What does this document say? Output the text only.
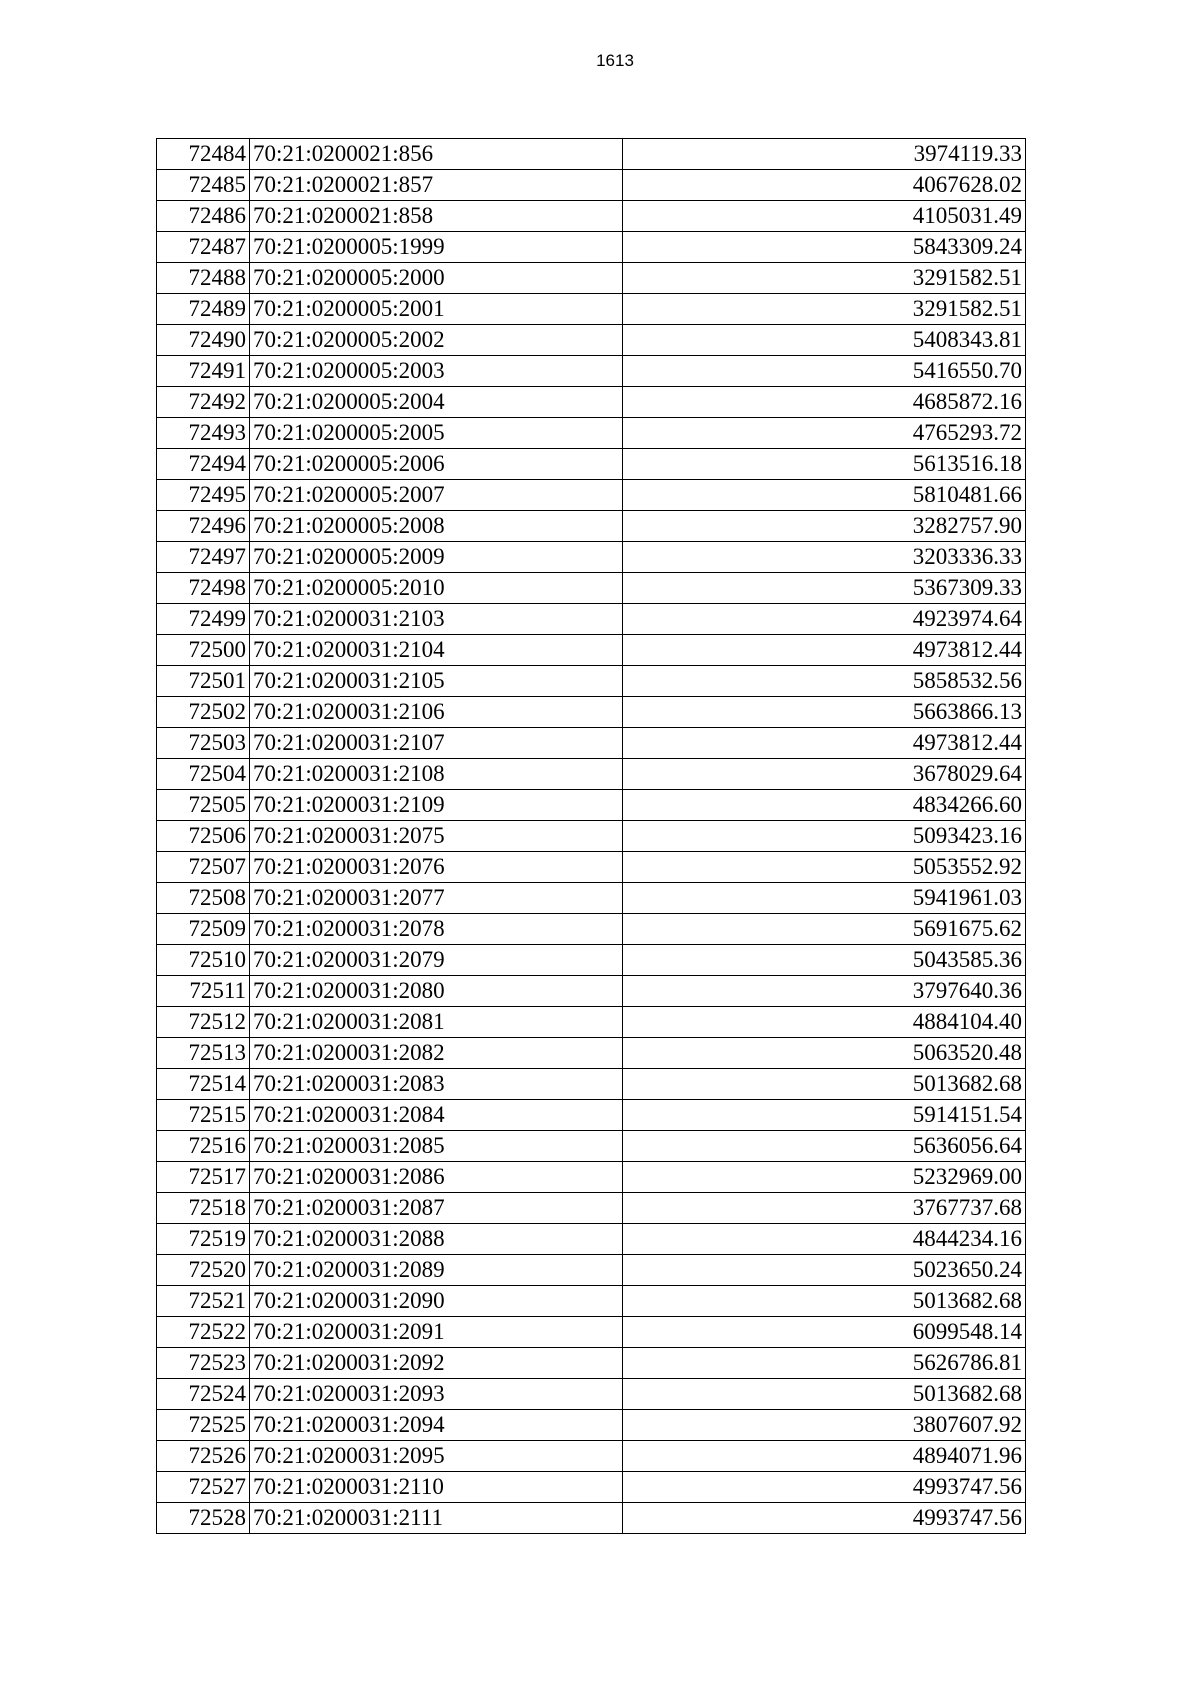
1613
72484	70:21:0200021:856	3974119.33
72485	70:21:0200021:857	4067628.02
72486	70:21:0200021:858	4105031.49
72487	70:21:0200005:1999	5843309.24
72488	70:21:0200005:2000	3291582.51
72489	70:21:0200005:2001	3291582.51
72490	70:21:0200005:2002	5408343.81
72491	70:21:0200005:2003	5416550.70
72492	70:21:0200005:2004	4685872.16
72493	70:21:0200005:2005	4765293.72
72494	70:21:0200005:2006	5613516.18
72495	70:21:0200005:2007	5810481.66
72496	70:21:0200005:2008	3282757.90
72497	70:21:0200005:2009	3203336.33
72498	70:21:0200005:2010	5367309.33
72499	70:21:0200031:2103	4923974.64
72500	70:21:0200031:2104	4973812.44
72501	70:21:0200031:2105	5858532.56
72502	70:21:0200031:2106	5663866.13
72503	70:21:0200031:2107	4973812.44
72504	70:21:0200031:2108	3678029.64
72505	70:21:0200031:2109	4834266.60
72506	70:21:0200031:2075	5093423.16
72507	70:21:0200031:2076	5053552.92
72508	70:21:0200031:2077	5941961.03
72509	70:21:0200031:2078	5691675.62
72510	70:21:0200031:2079	5043585.36
72511	70:21:0200031:2080	3797640.36
72512	70:21:0200031:2081	4884104.40
72513	70:21:0200031:2082	5063520.48
72514	70:21:0200031:2083	5013682.68
72515	70:21:0200031:2084	5914151.54
72516	70:21:0200031:2085	5636056.64
72517	70:21:0200031:2086	5232969.00
72518	70:21:0200031:2087	3767737.68
72519	70:21:0200031:2088	4844234.16
72520	70:21:0200031:2089	5023650.24
72521	70:21:0200031:2090	5013682.68
72522	70:21:0200031:2091	6099548.14
72523	70:21:0200031:2092	5626786.81
72524	70:21:0200031:2093	5013682.68
72525	70:21:0200031:2094	3807607.92
72526	70:21:0200031:2095	4894071.96
72527	70:21:0200031:2110	4993747.56
72528	70:21:0200031:2111	4993747.56
